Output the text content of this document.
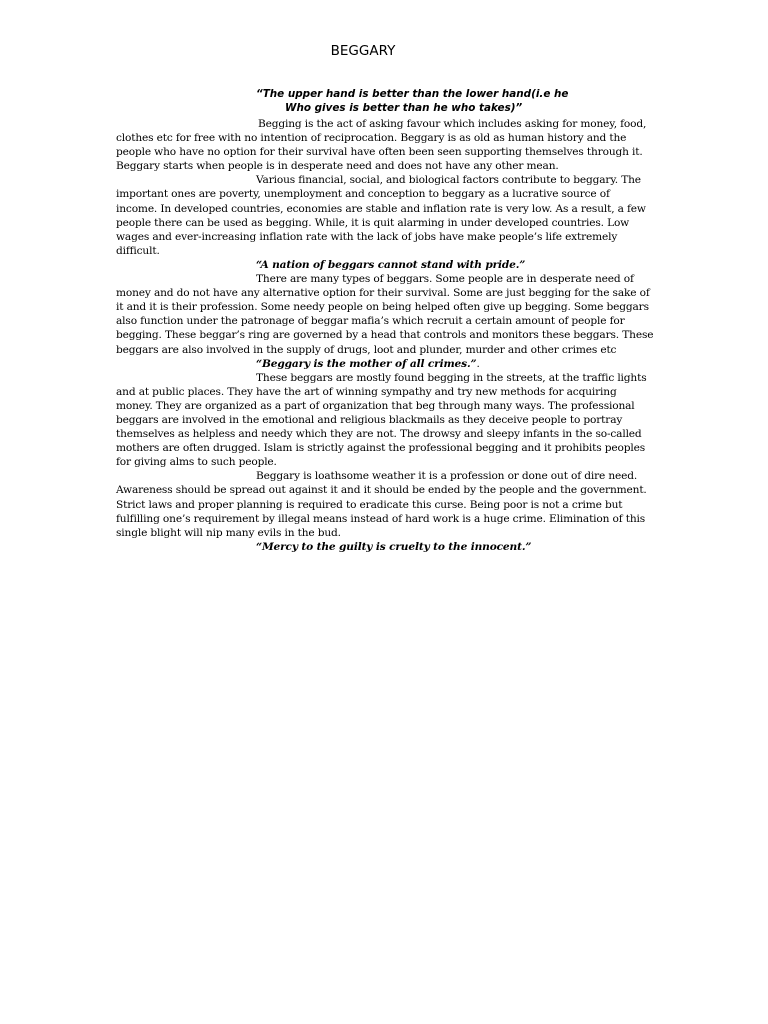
BEGGARY
“The upper hand is better than the lower hand(i.e he
Who gives is better than he who takes)”

Begging is the act of asking favour which includes asking for money, food, clothes etc for free with no intention of reciprocation. Beggary is as old as human history and the people who have no option for their survival have often been seen supporting themselves through it. Beggary starts when people is in desperate need and does not have any other mean.

Various financial, social, and biological factors contribute to beggary. The important ones are poverty, unemployment and conception to beggary as a lucrative source of income. In developed countries, economies are stable and inflation rate is very low. As a result, a few people there can be used as begging. While, it is quit alarming in under developed countries. Low wages and ever-increasing inflation rate with the lack of jobs have make people’s life extremely difficult.

“A nation of beggars cannot stand with pride.”

There are many types of beggars. Some people are in desperate need of money and do not have any alternative option for their survival. Some are just begging for the sake of it and it is their profession. Some needy people on being helped often give up begging. Some beggars also function under the patronage of beggar mafia’s which recruit a certain amount of people for begging. These beggar’s ring are governed by a head that controls and monitors these beggars. These beggars are also involved in the supply of drugs, loot and plunder, murder and other crimes etc

“Beggary is the mother of all crimes.”.

These beggars are mostly found begging in the streets, at the traffic lights and at public places. They have the art of winning sympathy and try new methods for acquiring money. They are organized as a part of organization that beg through many ways. The professional beggars are involved in the emotional and religious blackmails as they deceive people to portray themselves as helpless and needy which they are not. The drowsy and sleepy infants in the so-called mothers are often drugged. Islam is strictly against the professional begging and it prohibits peoples for giving alms to such people.

Beggary is loathsome weather it is a profession or done out of dire need. Awareness should be spread out against it and it should be ended by the people and the government. Strict laws and proper planning is required to eradicate this curse. Being poor is not a crime but fulfilling one’s requirement by illegal means instead of hard work is a huge crime. Elimination of this single blight will nip many evils in the bud.

“Mercy to the guilty is cruelty to the innocent.”
